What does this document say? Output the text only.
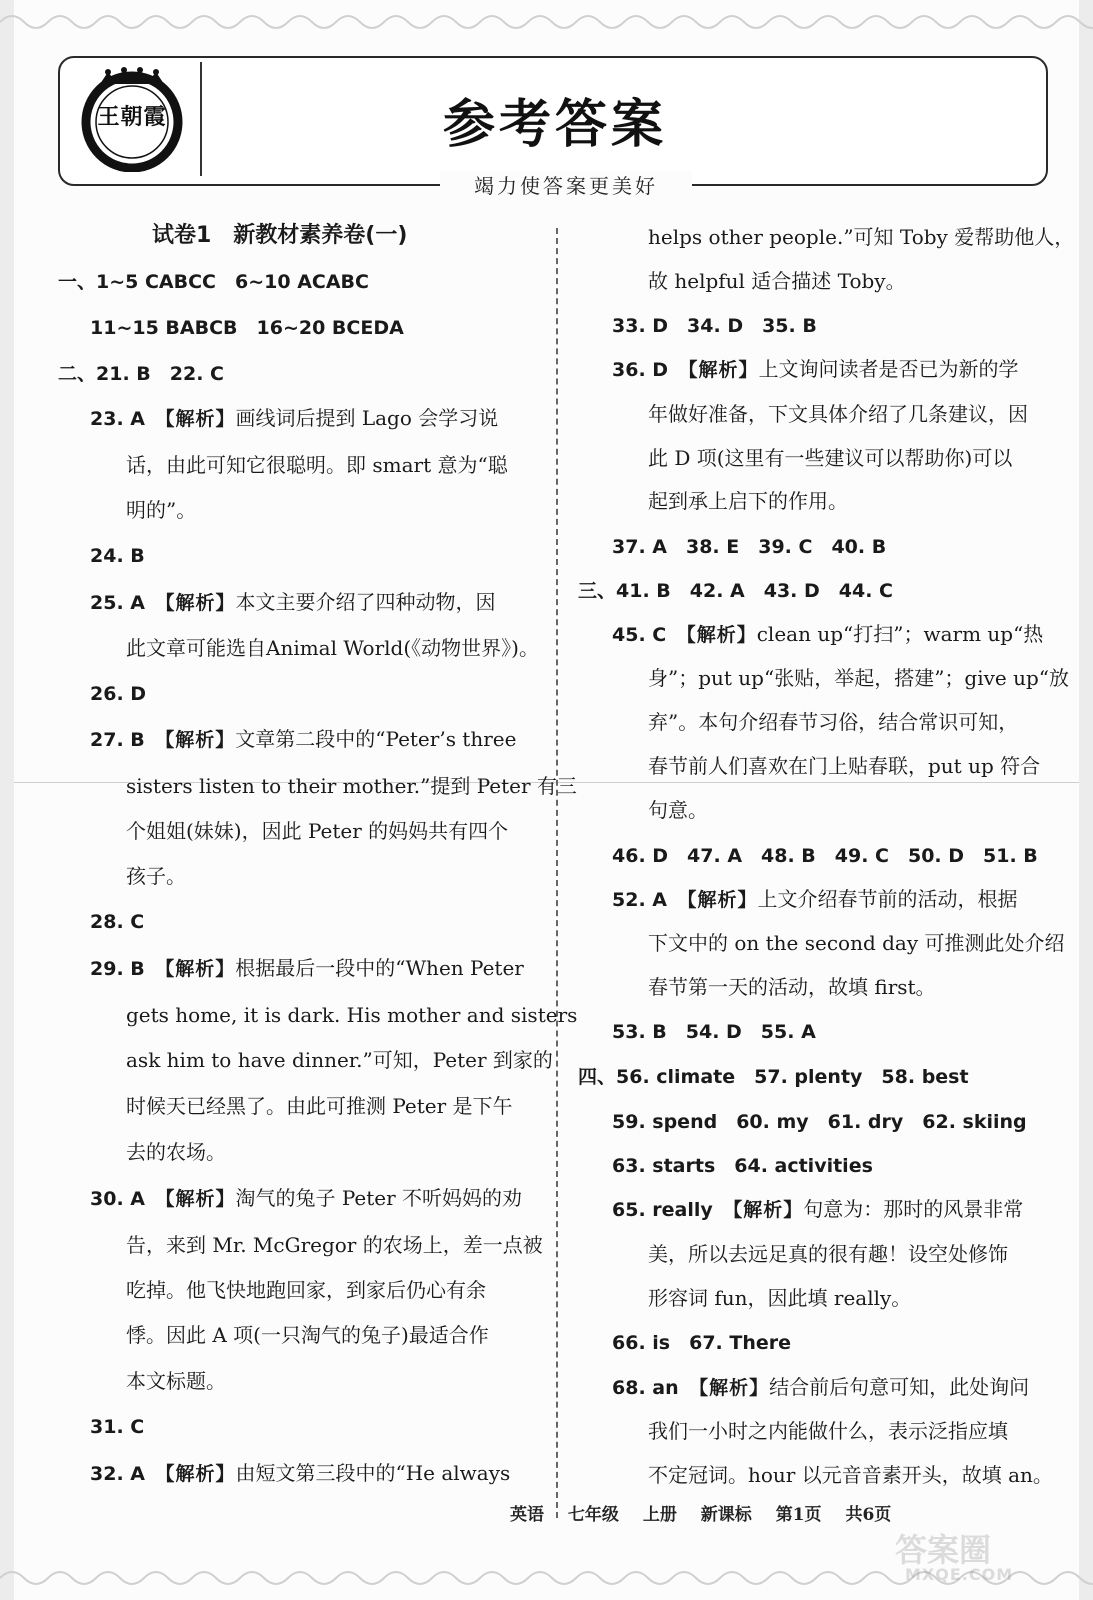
王朝霞	参考答案
竭力使答案更美好
试卷1　新教材素养卷(一)
一、1~5 CABCC　6~10 ACABC
11~15 BABCB　16~20 BCEDA
二、21. B　22. C
23. A　 【解析】画线词后提到 Lago 会学习说
话，由此可知它很聪明。即 smart 意为“聪
明的”。
24. B
25. A　 【解析】本文主要介绍了四种动物，因
此文章可能选自Animal World(《动物世界》)。
26. D
27. B　 【解析】文章第二段中的“Peter’s three
sisters listen to their mother.”提到 Peter 有三
个姐姐(妹妹)，因此 Peter 的妈妈共有四个
孩子。
28. C
29. B　 【解析】根据最后一段中的“When Peter
gets home, it is dark. His mother and sisters
ask him to have dinner.”可知，Peter 到家的
时候天已经黑了。由此可推测 Peter 是下午
去的农场。
30. A　 【解析】淘气的兔子 Peter 不听妈妈的劝
告，来到 Mr. McGregor 的农场上，差一点被
吃掉。他飞快地跑回家，到家后仍心有余
悸。因此 A 项(一只淘气的兔子)最适合作
本文标题。
31. C
32. A　 【解析】由短文第三段中的“He always
helps other people.”可知 Toby 爱帮助他人，
故 helpful 适合描述 Toby。
33. D　34. D　35. B
36. D　 【解析】上文询问读者是否已为新的学
年做好准备，下文具体介绍了几条建议，因
此 D 项(这里有一些建议可以帮助你)可以
起到承上启下的作用。
37. A　38. E　39. C　40. B
三、41. B　42. A　43. D　44. C
45. C　 【解析】clean up“打扫”；warm up“热
身”；put up“张贴，举起，搭建”；give up“放
弃”。本句介绍春节习俗，结合常识可知，
春节前人们喜欢在门上贴春联，put up 符合
句意。
46. D　47. A　48. B　49. C　50. D　51. B
52. A　 【解析】上文介绍春节前的活动，根据
下文中的 on the second day 可推测此处介绍
春节第一天的活动，故填 first。
53. B　54. D　55. A
四、56. climate　57. plenty　58. best
59. spend　60. my　61. dry　62. skiing
63. starts　64. activities
65. really　 【解析】句意为：那时的风景非常
美，所以去远足真的很有趣！设空处修饰
形容词 fun，因此填 really。
66. is　67. There
68. an　 【解析】结合前后句意可知，此处询问
我们一小时之内能做什么，表示泛指应填
不定冠词。hour 以元音音素开头，故填 an。
英语 七年级 上册 新课标 第1页 共6页
答案圈
MXQE.COM
